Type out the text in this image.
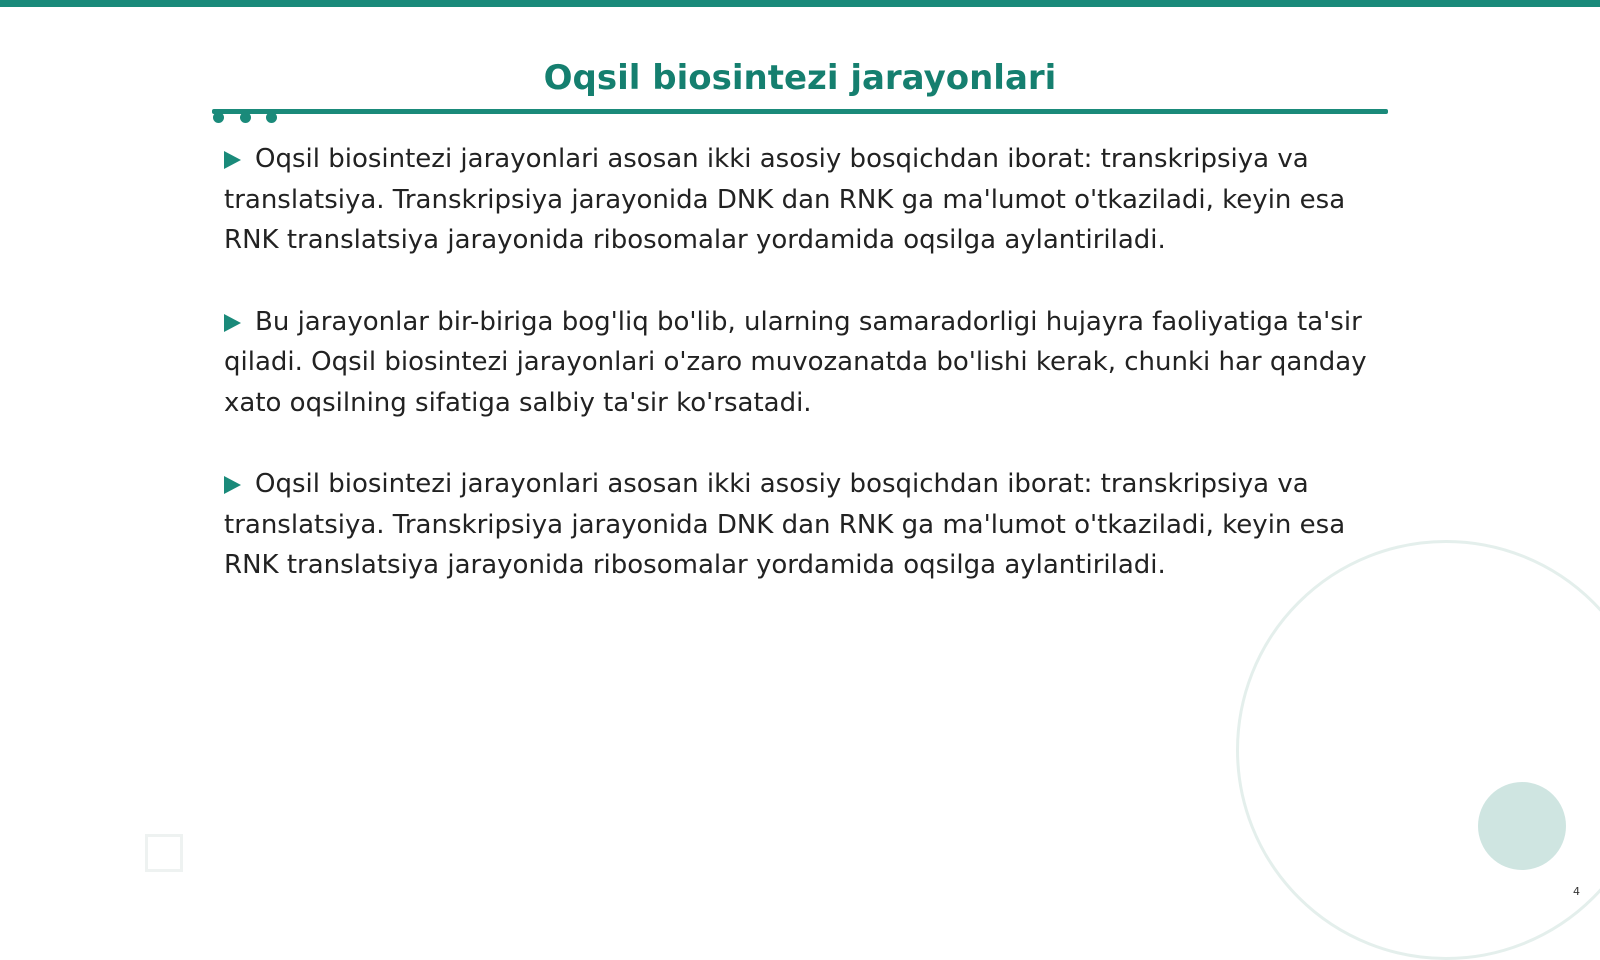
Oqsil biosintezi jarayonlari

Oqsil biosintezi jarayonlari asosan ikki asosiy bosqichdan iborat: transkripsiya va translatsiya. Transkripsiya jarayonida DNK dan RNK ga ma'lumot o'tkaziladi, keyin esa RNK translatsiya jarayonida ribosomalar yordamida oqsilga aylantiriladi.

Bu jarayonlar bir-biriga bog'liq bo'lib, ularning samaradorligi hujayra faoliyatiga ta'sir qiladi. Oqsil biosintezi jarayonlari o'zaro muvozanatda bo'lishi kerak, chunki har qanday xato oqsilning sifatiga salbiy ta'sir ko'rsatadi.

Oqsil biosintezi jarayonlari asosan ikki asosiy bosqichdan iborat: transkripsiya va translatsiya. Transkripsiya jarayonida DNK dan RNK ga ma'lumot o'tkaziladi, keyin esa RNK translatsiya jarayonida ribosomalar yordamida oqsilga aylantiriladi.

4
